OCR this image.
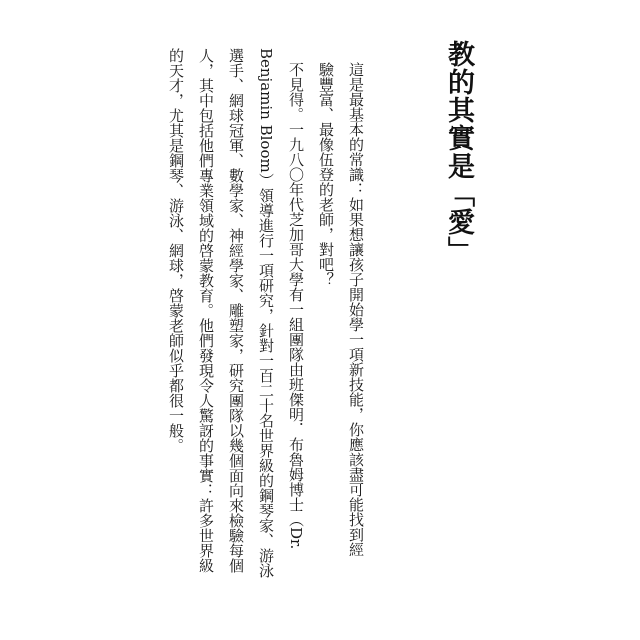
教的其實是「愛」
這是最基本的常識：如果想讓孩子開始學一項新技能，你應該盡可能找到經
驗豐富、最像伍登的老師，對吧？
不見得。一九八〇年代芝加哥大學有一組團隊由班傑明．布魯姆博士（Dr.
Benjamin Bloom）領導進行一項研究，針對一百二十名世界級的鋼琴家、游泳
選手、網球冠軍、數學家、神經學家、雕塑家，研究團隊以幾個面向來檢驗每個
人，其中包括他們專業領域的啓蒙教育。他們發現令人驚訝的事實：許多世界級
的天才，尤其是鋼琴、游泳、網球，啓蒙老師似乎都很一般。
